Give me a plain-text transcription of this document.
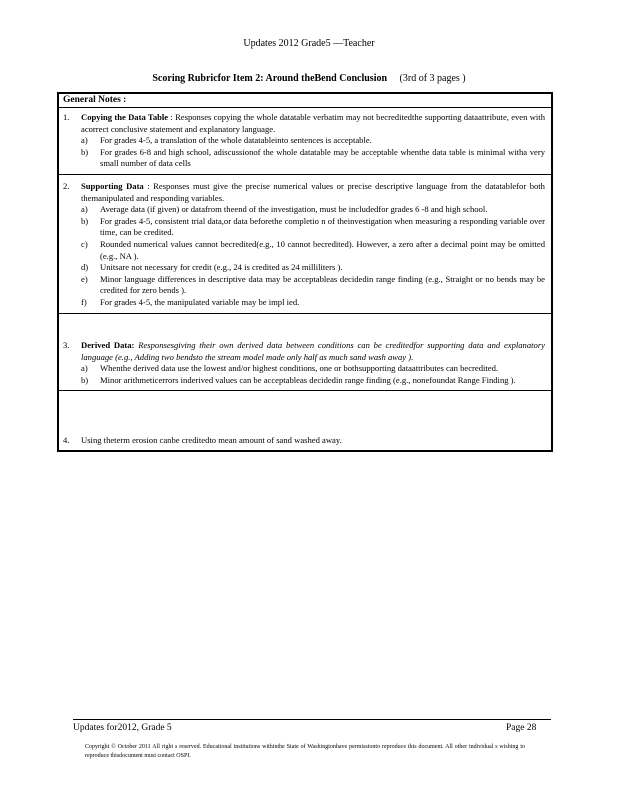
Updates 2012 Grade5 —Teacher
Scoring Rubricfor Item 2: Around theBend Conclusion (3rd of 3 pages )
General Notes :
1.	Copying the Data Table : Responses copying the whole datatable verbatim may not becreditedthe supporting dataattribute, even with acorrect conclusive statement and explanatory language.
a) For grades 4-5, a translation of the whole datatableinto sentences is acceptable.
b) For grades 6-8 and high school, adiscussionof the whole datatable may be acceptable whenthe data table is minimal witha very small number of data cells
2.	Supporting Data : Responses must give the precise numerical values or precise descriptive language from the datatablefor both themanipulated and responding variables.
a) Average data (if given) or datafrom theend of the investigation, must be includedfor grades 6 -8 and high school.
b) For grades 4-5, consistent trial data,or data beforethe completio n of theinvestigation when measuring a responding variable over time, can be credited.
c) Rounded numerical values cannot becredited(e.g., 10 cannot becredited). However, a zero after a decimal point may be omitted (e.g., NA ).
d) Unitsare not necessary for credit (e.g., 24 is credited as 24 milliliters ).
e) Minor language differences in descriptive data may be acceptableas decidedin range finding (e.g., Straight or no bends may be credited for zero bends ).
f) For grades 4-5, the manipulated variable may be impl ied.
3.	Derived Data: Responsesgiving their own derived data between conditions can be creditedfor supporting data and explanatory language (e.g., Adding two bendsto the stream model made only half as much sand wash away ).
a) Whenthe derived data use the lowest and/or highest conditions, one or bothsupporting dataattributes can becredited.
b) Minor arithmeticerrors inderived values can be acceptableas decidedin range finding (e.g., nonefoundat Range Finding ).
4.	Using theterm erosion canbe creditedto mean amount of sand washed away.
Updates for2012, Grade 5	Page 28
Copyright © October 2011 All right s reserved. Educational institutions withinthe State of Washingtonhave permissionto reproduce this document. All other individual s wishing to reproduce thisdocument must contact OSPI.
